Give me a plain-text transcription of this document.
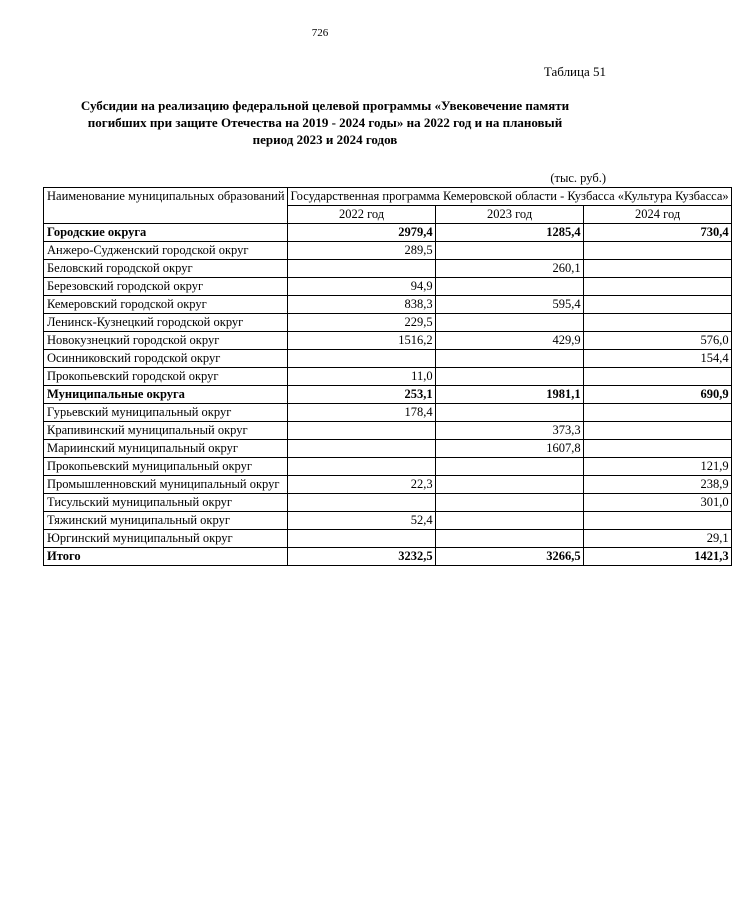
726
Таблица 51
Субсидии на реализацию федеральной целевой программы «Увековечение памяти
погибших при защите Отечества на 2019 - 2024 годы» на 2022 год и на плановый
период 2023 и 2024 годов
(тыс. руб.)
Наименование муниципальных образований	Государственная программа Кемеровской области - Кузбасса «Культура Кузбасса»		
	2022 год	2023 год	2024 год
Городские округа	2979,4	1285,4	730,4
Анжеро-Судженский городской округ	289,5		
Беловский городской округ		260,1	
Березовский городской округ	94,9		
Кемеровский городской округ	838,3	595,4	
Ленинск-Кузнецкий городской округ	229,5		
Новокузнецкий городской округ	1516,2	429,9	576,0
Осинниковский городской округ			154,4
Прокопьевский городской округ	11,0		
Муниципальные округа	253,1	1981,1	690,9
Гурьевский муниципальный округ	178,4		
Крапивинский муниципальный округ		373,3	
Мариинский муниципальный округ		1607,8	
Прокопьевский муниципальный округ			121,9
Промышленновский муниципальный округ	22,3		238,9
Тисульский муниципальный округ			301,0
Тяжинский муниципальный округ	52,4		
Юргинский муниципальный округ			29,1
Итого	3232,5	3266,5	1421,3
